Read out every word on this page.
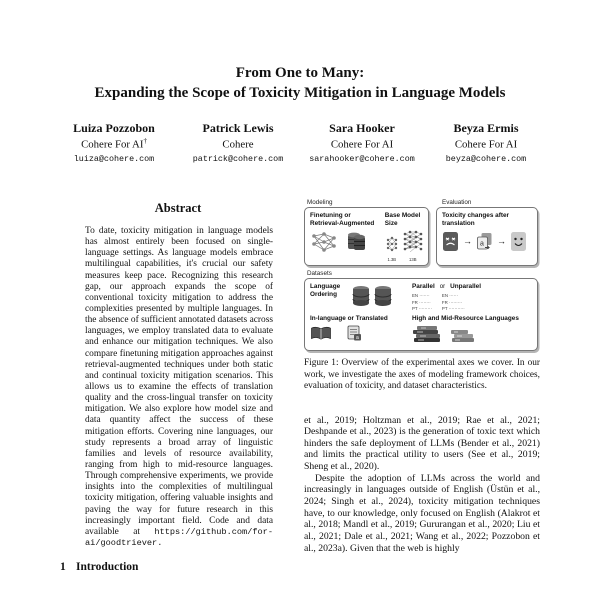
From One to Many:
Expanding the Scope of Toxicity Mitigation in Language Models
Luiza Pozzobon
Cohere For AI†
luiza@cohere.com
Patrick Lewis
Cohere
patrick@cohere.com
Sara Hooker
Cohere For AI
sarahooker@cohere.com
Beyza Ermis
Cohere For AI
beyza@cohere.com
Abstract

To date, toxicity mitigation in language models has almost entirely been focused on single-language settings. As language models embrace multilingual capabilities, it's crucial our safety measures keep pace. Recognizing this research gap, our approach expands the scope of conventional toxicity mitigation to address the complexities presented by multiple languages. In the absence of sufficient annotated datasets across languages, we employ translated data to evaluate and enhance our mitigation techniques. We also compare finetuning mitigation approaches against retrieval-augmented techniques under both static and continual toxicity mitigation scenarios. This allows us to examine the effects of translation quality and the cross-lingual transfer on toxicity mitigation. We also explore how model size and data quantity affect the success of these mitigation efforts. Covering nine languages, our study represents a broad array of linguistic families and levels of resource availability, ranging from high to mid-resource languages. Through comprehensive experiments, we provide insights into the complexities of multilingual toxicity mitigation, offering valuable insights and paving the way for future research in this increasingly important field. Code and data available at https://github.com/for-ai/goodtriever.

1 Introduction
Modeling	Evaluation
Finetuning or Retrieval-Augmented
Base Model Size
1.3B	13B
Toxicity changes after translation
→ a →
Datasets
Language Ordering
Parallel or Unparallel
EN ·······
FR ········
PT ·········
EN ······
FR ·········
PT ···········
In-language or Translated
a
High and Mid-Resource Languages
Figure 1: Overview of the experimental axes we cover. In our work, we investigate the axes of modeling framework choices, evaluation of toxicity, and dataset characteristics.

et al., 2019; Holtzman et al., 2019; Rae et al., 2021; Deshpande et al., 2023) is the generation of toxic text which hinders the safe deployment of LLMs (Bender et al., 2021) and limits the practical utility to users (See et al., 2019; Sheng et al., 2020).

Despite the adoption of LLMs across the world and increasingly in languages outside of English (Üstün et al., 2024; Singh et al., 2024), toxicity mitigation techniques have, to our knowledge, only focused on English (Alakrot et al., 2018; Mandl et al., 2019; Gururangan et al., 2020; Liu et al., 2021; Dale et al., 2021; Wang et al., 2022; Pozzobon et al., 2023a). Given that the web is highly
